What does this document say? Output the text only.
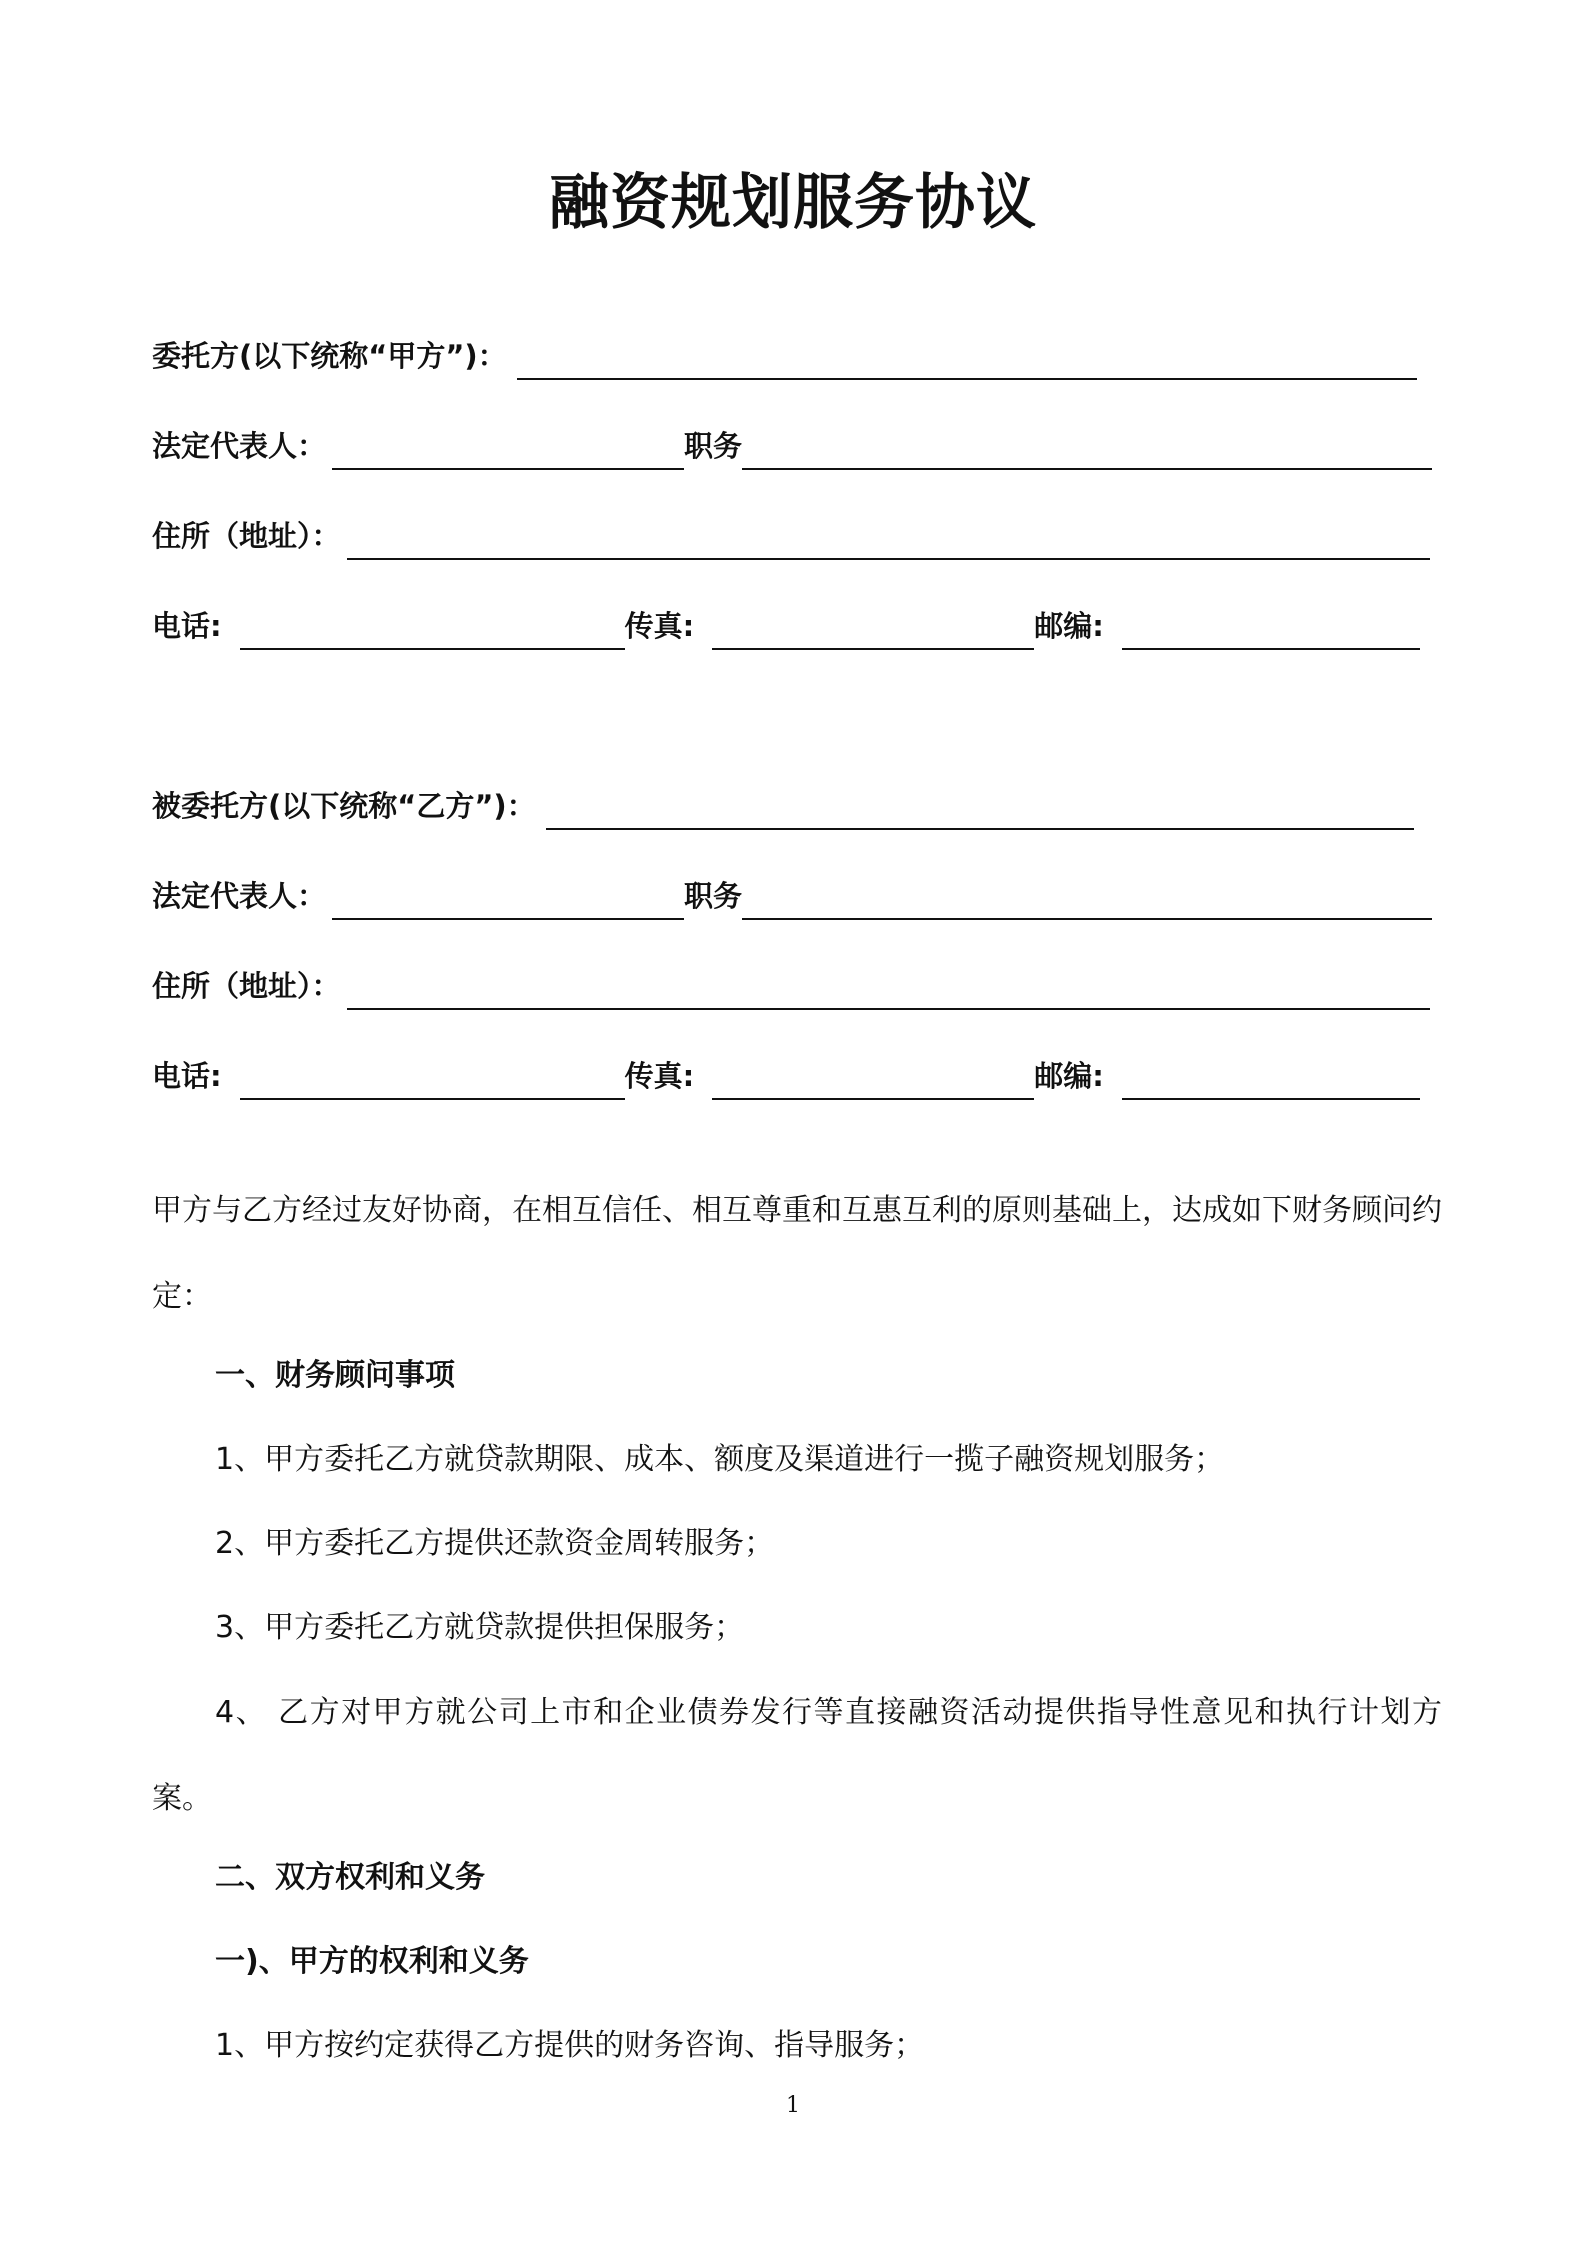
融资规划服务协议
委托方(以下统称“甲方”)：
法定代表人：	职务
住所（地址）：
电话:	传真:	邮编:
被委托方(以下统称“乙方”)：
法定代表人：	职务
住所（地址）：
电话:	传真:	邮编:

甲方与乙方经过友好协商，在相互信任、相互尊重和互惠互利的原则基础上，达成如下财务顾问约定：

一、财务顾问事项

1、甲方委托乙方就贷款期限、成本、额度及渠道进行一揽子融资规划服务；

2、甲方委托乙方提供还款资金周转服务；

3、甲方委托乙方就贷款提供担保服务；

4、 乙方对甲方就公司上市和企业债券发行等直接融资活动提供指导性意见和执行计划方案。

二、双方权利和义务

一)、甲方的权利和义务

1、甲方按约定获得乙方提供的财务咨询、指导服务；

1
